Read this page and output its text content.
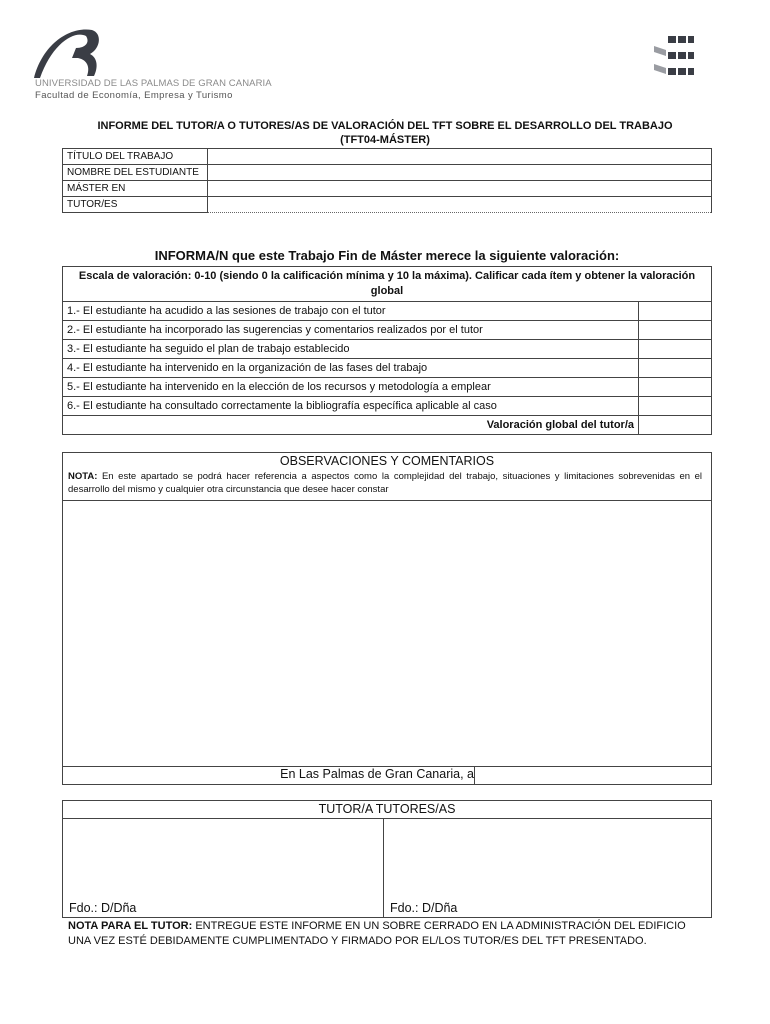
UNIVERSIDAD DE LAS PALMAS DE GRAN CANARIA
Facultad de Economía, Empresa y Turismo
INFORME DEL TUTOR/A O TUTORES/AS DE VALORACIÓN DEL TFT SOBRE EL DESARROLLO DEL TRABAJO
(TFT04-MÁSTER)
TÍTULO DEL TRABAJO	
NOMBRE DEL ESTUDIANTE	
MÁSTER EN	
TUTOR/ES	
INFORMA/N que este Trabajo Fin de Máster merece la siguiente valoración:
Escala de valoración: 0-10 (siendo 0 la calificación mínima y 10 la máxima). Calificar cada ítem y obtener la valoración global	
1.- El estudiante ha acudido a las sesiones de trabajo con el tutor	
2.- El estudiante ha incorporado las sugerencias y comentarios realizados por el tutor	
3.- El estudiante ha seguido el plan de trabajo establecido	
4.- El estudiante ha intervenido en la organización de las fases del trabajo	
5.- El estudiante ha intervenido en la elección de los recursos y metodología a emplear	
6.- El estudiante ha consultado correctamente la bibliografía específica aplicable al caso	
Valoración global del tutor/a	
OBSERVACIONES Y COMENTARIOS
NOTA: En este apartado se podrá hacer referencia a aspectos como la complejidad del trabajo, situaciones y limitaciones sobrevenidas en el desarrollo del mismo y cualquier otra circunstancia que desee hacer constar
En Las Palmas de Gran Canaria, a
TUTOR/A TUTORES/AS
Fdo.: D/Dña	Fdo.: D/Dña
NOTA PARA EL TUTOR: ENTREGUE ESTE INFORME EN UN SOBRE CERRADO EN LA ADMINISTRACIÓN DEL EDIFICIO UNA VEZ ESTÉ DEBIDAMENTE CUMPLIMENTADO Y FIRMADO POR EL/LOS TUTOR/ES DEL TFT PRESENTADO.
